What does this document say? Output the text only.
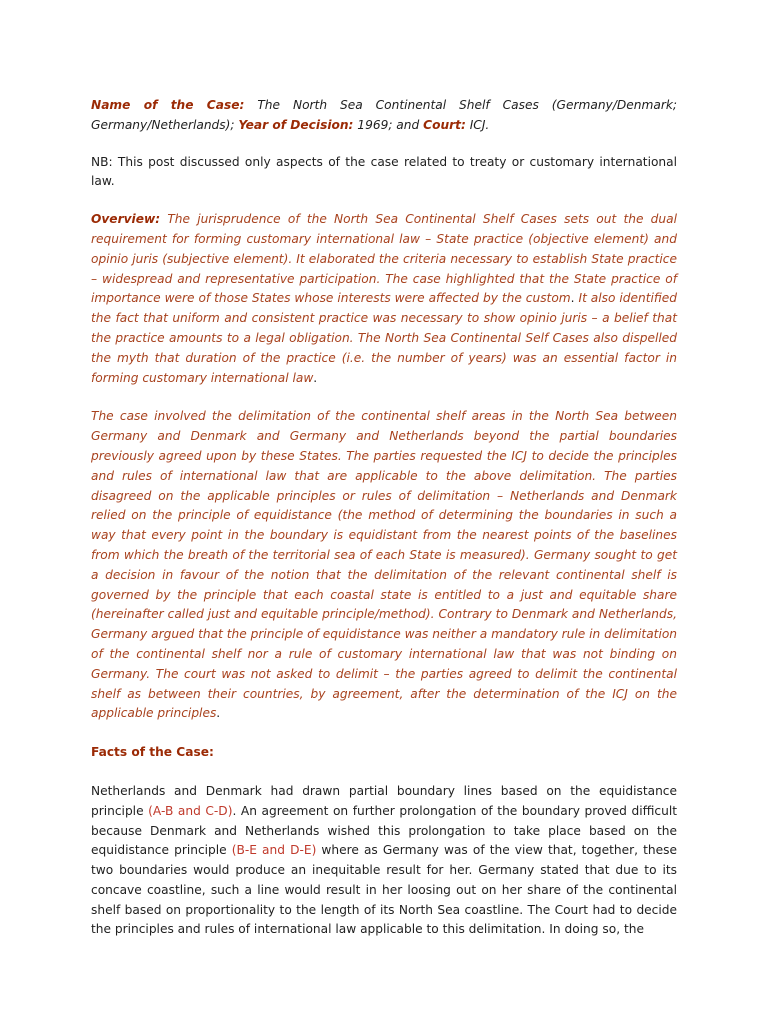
Name of the Case: The North Sea Continental Shelf Cases (Germany/Denmark; Germany/Netherlands); Year of Decision: 1969; and Court: ICJ.

NB: This post discussed only aspects of the case related to treaty or customary international law.

Overview: The jurisprudence of the North Sea Continental Shelf Cases sets out the dual requirement for forming customary international law – State practice (objective element) and opinio juris (subjective element). It elaborated the criteria necessary to establish State practice – widespread and representative participation. The case highlighted that the State practice of importance were of those States whose interests were affected by the custom. It also identified the fact that uniform and consistent practice was necessary to show opinio juris – a belief that the practice amounts to a legal obligation. The North Sea Continental Self Cases also dispelled the myth that duration of the practice (i.e. the number of years) was an essential factor in forming customary international law.

The case involved the delimitation of the continental shelf areas in the North Sea between Germany and Denmark and Germany and Netherlands beyond the partial boundaries previously agreed upon by these States. The parties requested the ICJ to decide the principles and rules of international law that are applicable to the above delimitation. The parties disagreed on the applicable principles or rules of delimitation – Netherlands and Denmark relied on the principle of equidistance (the method of determining the boundaries in such a way that every point in the boundary is equidistant from the nearest points of the baselines from which the breath of the territorial sea of each State is measured). Germany sought to get a decision in favour of the notion that the delimitation of the relevant continental shelf is governed by the principle that each coastal state is entitled to a just and equitable share (hereinafter called just and equitable principle/method). Contrary to Denmark and Netherlands, Germany argued that the principle of equidistance was neither a mandatory rule in delimitation of the continental shelf nor a rule of customary international law that was not binding on Germany. The court was not asked to delimit – the parties agreed to delimit the continental shelf as between their countries, by agreement, after the determination of the ICJ on the applicable principles.

Facts of the Case:

Netherlands and Denmark had drawn partial boundary lines based on the equidistance principle (A-B and C-D). An agreement on further prolongation of the boundary proved difficult because Denmark and Netherlands wished this prolongation to take place based on the equidistance principle (B-E and D-E) where as Germany was of the view that, together, these two boundaries would produce an inequitable result for her. Germany stated that due to its concave coastline, such a line would result in her loosing out on her share of the continental shelf based on proportionality to the length of its North Sea coastline. The Court had to decide the principles and rules of international law applicable to this delimitation. In doing so, the
